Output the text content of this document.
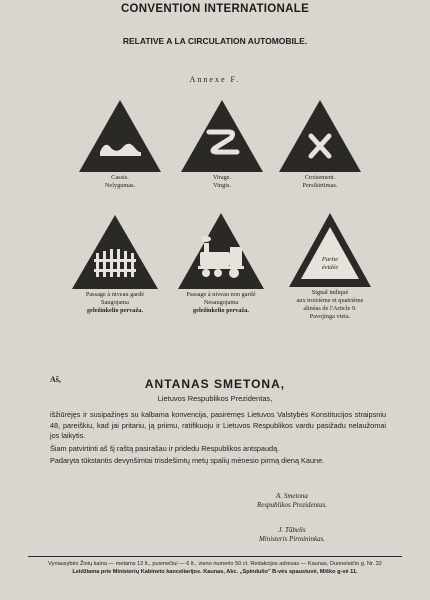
CONVENTION INTERNATIONALE
RELATIVE A LA CIRCULATION AUTOMOBILE.
Annexe F.
Cassis.
Nelygumas.
Virage.
Vingis.
Croisement.
Persikirtimas.
Passage à niveau gardé
Saugojama
geležinkelio pervaža.
Passage à niveau non gardé
Nesaugojama
geležinkelio pervaža.
Partie
évidée
Signal indiqué
aux troisième et quatrième
alinéas de l'Article 9.
Pavojinga vieta.
Aš,	ANTANAS SMETONA,
Lietuvos Respublikos Prezidentas,

išžiūrėjęs ir susipažinęs su kalbama konvencija, pasirėmęs Lietuvos Valstybės Konstitucijos straipsniu 48, pareiškiu, kad jai pritariu, ją priimu, ratifikuoju ir Lietuvos Respublikos vardu pasižadu nelaužomai jos laikytis.

Šiam patvirtinti aš šį raštą pasirašau ir pridedu Respublikos antspaudą.

Padaryta tūkstantis devynšimtai trisdešimtų metų spalių mėnesio pirmą dieną Kaune.

A. Smetona
Respublikos Prezidentas.
J. Tūbelis
Ministeris Pirmininkas.
Vyriausybės Žinių kaina — metams 12 lt., pusmečiui — 6 lt., vieno numerio 50 ct. Redakcijos adresas — Kaunas, Duonelaičio g. Nr. 32
Leidžiama prie Ministerių Kabineto kanceliarijos. Kaunas, Akc. „Spindulio" B-vės spaustuvė, Miško g-vė 11.
